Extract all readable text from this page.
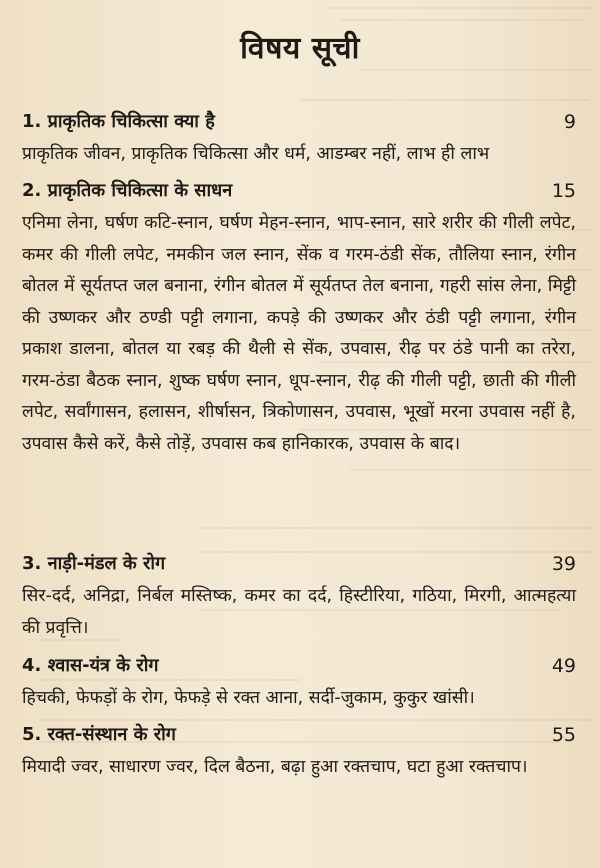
विषय सूची
1. प्राकृतिक चिकित्सा क्या है	9
प्राकृतिक जीवन, प्राकृतिक चिकित्सा और धर्म, आडम्बर नहीं, लाभ ही लाभ
2. प्राकृतिक चिकित्सा के साधन	15
एनिमा लेना, घर्षण कटि-स्नान, घर्षण मेहन-स्नान, भाप-स्नान, सारे शरीर की गीली लपेट, कमर की गीली लपेट, नमकीन जल स्नान, सेंक व गरम-ठंडी सेंक, तौलिया स्नान, रंगीन बोतल में सूर्यतप्त जल बनाना, रंगीन बोतल में सूर्यतप्त तेल बनाना, गहरी सांस लेना, मिट्टी की उष्णकर और ठण्डी पट्टी लगाना, कपड़े की उष्णकर और ठंडी पट्टी लगाना, रंगीन प्रकाश डालना, बोतल या रबड़ की थैली से सेंक, उपवास, रीढ़ पर ठंडे पानी का तरेरा, गरम-ठंडा बैठक स्नान, शुष्क घर्षण स्नान, धूप-स्नान, रीढ़ की गीली पट्टी, छाती की गीली लपेट, सर्वांगासन, हलासन, शीर्षासन, त्रिकोणासन, उपवास, भूखों मरना उपवास नहीं है, उपवास कैसे करें, कैसे तोड़ें, उपवास कब हानिकारक, उपवास के बाद।
3. नाड़ी-मंडल के रोग	39
सिर-दर्द, अनिद्रा, निर्बल मस्तिष्क, कमर का दर्द, हिस्टीरिया, गठिया, मिरगी, आत्महत्या की प्रवृत्ति।
4. श्वास-यंत्र के रोग	49
हिचकी, फेफड़ों के रोग, फेफड़े से रक्त आना, सर्दी-जुकाम, कुकुर खांसी।
5. रक्त-संस्थान के रोग	55
मियादी ज्वर, साधारण ज्वर, दिल बैठना, बढ़ा हुआ रक्तचाप, घटा हुआ रक्तचाप।
